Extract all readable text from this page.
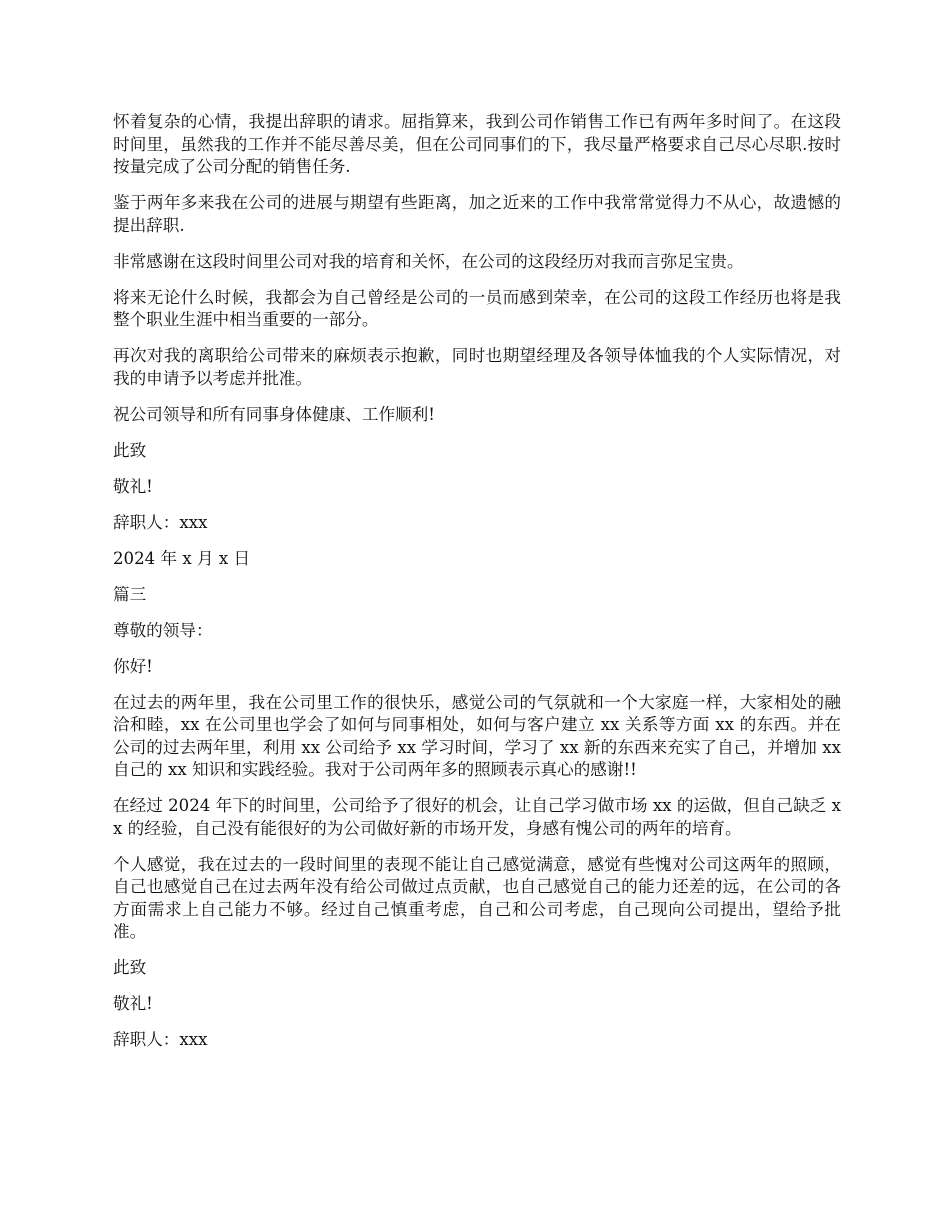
怀着复杂的心情，我提出辞职的请求。屈指算来，我到公司作销售工作已有两年多时间了。在这段时间里，虽然我的工作并不能尽善尽美，但在公司同事们的下，我尽量严格要求自己尽心尽职.按时按量完成了公司分配的销售任务.

鉴于两年多来我在公司的进展与期望有些距离，加之近来的工作中我常常觉得力不从心，故遗憾的提出辞职.

非常感谢在这段时间里公司对我的培育和关怀，在公司的这段经历对我而言弥足宝贵。

将来无论什么时候，我都会为自己曾经是公司的一员而感到荣幸，在公司的这段工作经历也将是我整个职业生涯中相当重要的一部分。

再次对我的离职给公司带来的麻烦表示抱歉，同时也期望经理及各领导体恤我的个人实际情况，对我的申请予以考虑并批准。

祝公司领导和所有同事身体健康、工作顺利!

此致

敬礼!

辞职人：xxx

2024 年 x 月 x 日

篇三

尊敬的领导：

你好!

在过去的两年里，我在公司里工作的很快乐，感觉公司的气氛就和一个大家庭一样，大家相处的融洽和睦，xx 在公司里也学会了如何与同事相处，如何与客户建立 xx 关系等方面 xx 的东西。并在公司的过去两年里，利用 xx 公司给予 xx 学习时间，学习了 xx 新的东西来充实了自己，并增加 xx 自己的 xx 知识和实践经验。我对于公司两年多的照顾表示真心的感谢!!

在经过 2024 年下的时间里，公司给予了很好的机会，让自己学习做市场 xx 的运做，但自己缺乏 xx 的经验，自己没有能很好的为公司做好新的市场开发，身感有愧公司的两年的培育。

个人感觉，我在过去的一段时间里的表现不能让自己感觉满意，感觉有些愧对公司这两年的照顾，自己也感觉自己在过去两年没有给公司做过点贡献，也自己感觉自己的能力还差的远，在公司的各方面需求上自己能力不够。经过自己慎重考虑，自己和公司考虑，自己现向公司提出，望给予批准。

此致

敬礼!

辞职人：xxx
